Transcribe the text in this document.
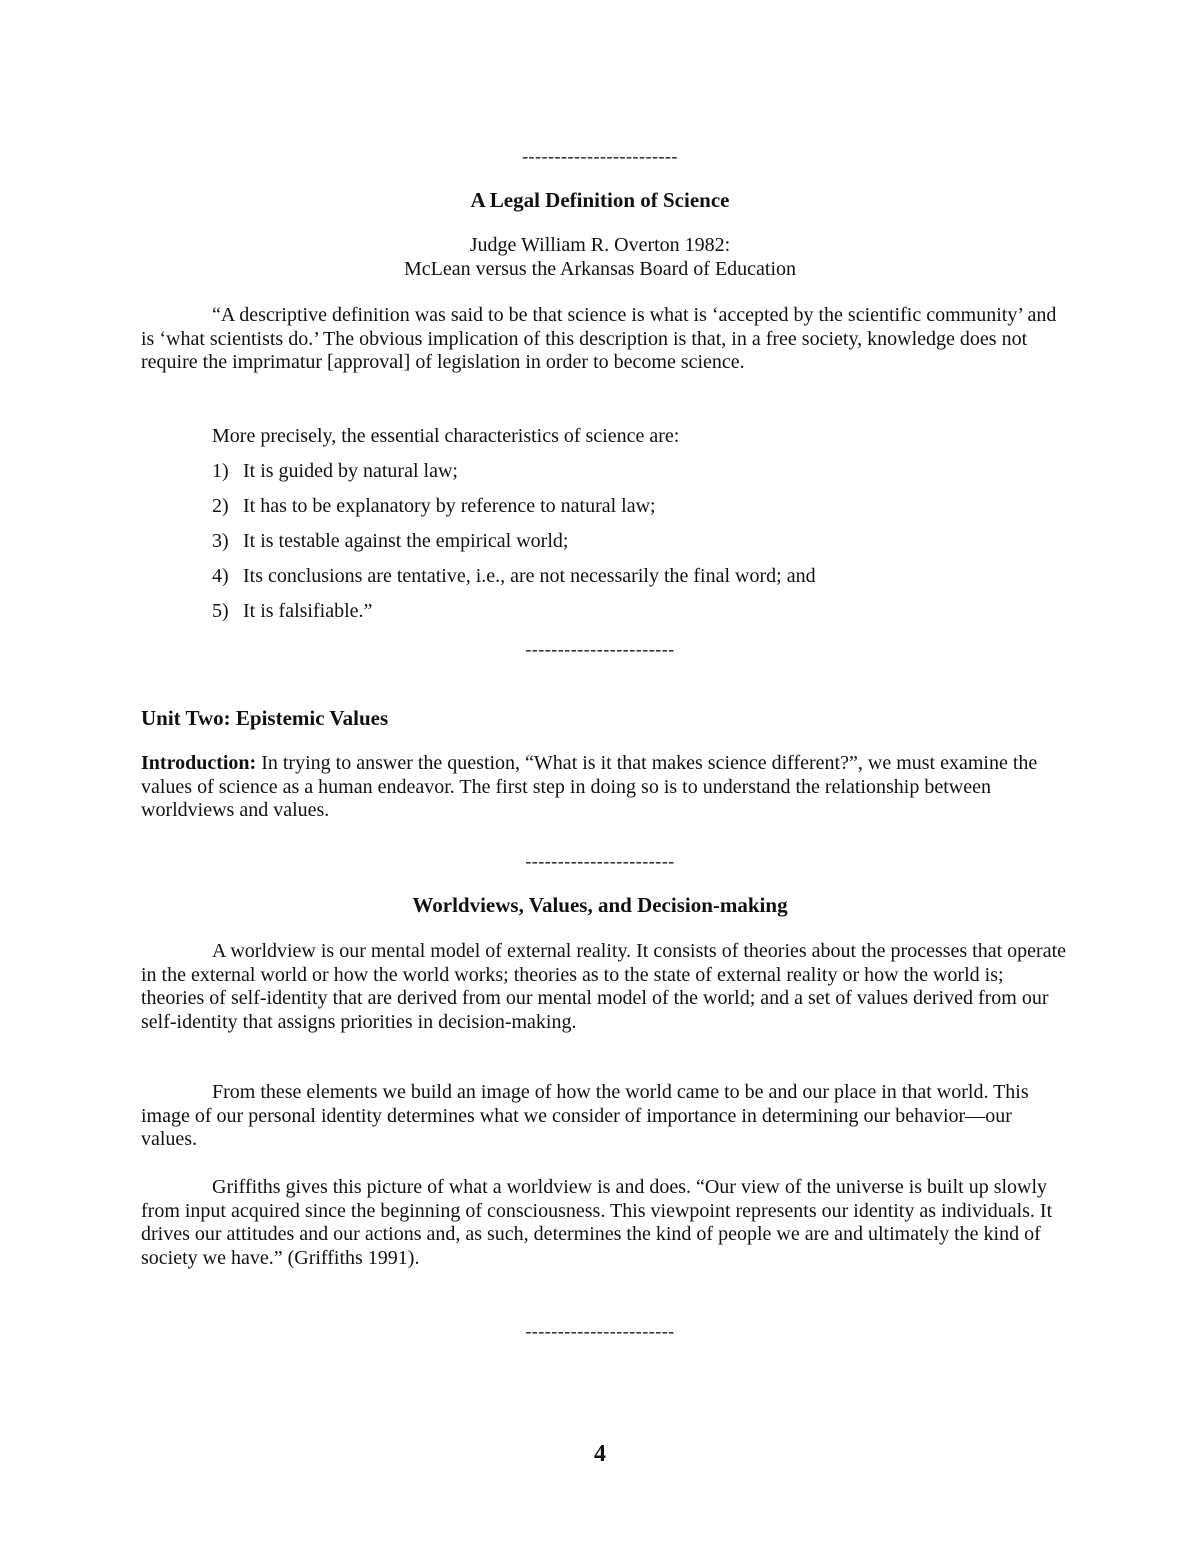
------------------------
A Legal Definition of Science
Judge William R. Overton 1982:
McLean versus the Arkansas Board of Education

“A descriptive definition was said to be that science is what is ‘accepted by the scientific community’ and is ‘what scientists do.’ The obvious implication of this description is that, in a free society, knowledge does not require the imprimatur [approval] of legislation in order to become science.

More precisely, the essential characteristics of science are:
1) It is guided by natural law;
2) It has to be explanatory by reference to natural law;
3) It is testable against the empirical world;
4) Its conclusions are tentative, i.e., are not necessarily the final word; and
5) It is falsifiable.”
-----------------------
Unit Two: Epistemic Values

Introduction: In trying to answer the question, “What is it that makes science different?”, we must examine the values of science as a human endeavor. The first step in doing so is to understand the relationship between worldviews and values.

-----------------------
Worldviews, Values, and Decision-making

A worldview is our mental model of external reality. It consists of theories about the processes that operate in the external world or how the world works; theories as to the state of external reality or how the world is; theories of self-identity that are derived from our mental model of the world; and a set of values derived from our self-identity that assigns priorities in decision-making.

From these elements we build an image of how the world came to be and our place in that world. This image of our personal identity determines what we consider of importance in determining our behavior—our values.

Griffiths gives this picture of what a worldview is and does. “Our view of the universe is built up slowly from input acquired since the beginning of consciousness. This viewpoint represents our identity as individuals. It drives our attitudes and our actions and, as such, determines the kind of people we are and ultimately the kind of society we have.” (Griffiths 1991).

-----------------------
4
